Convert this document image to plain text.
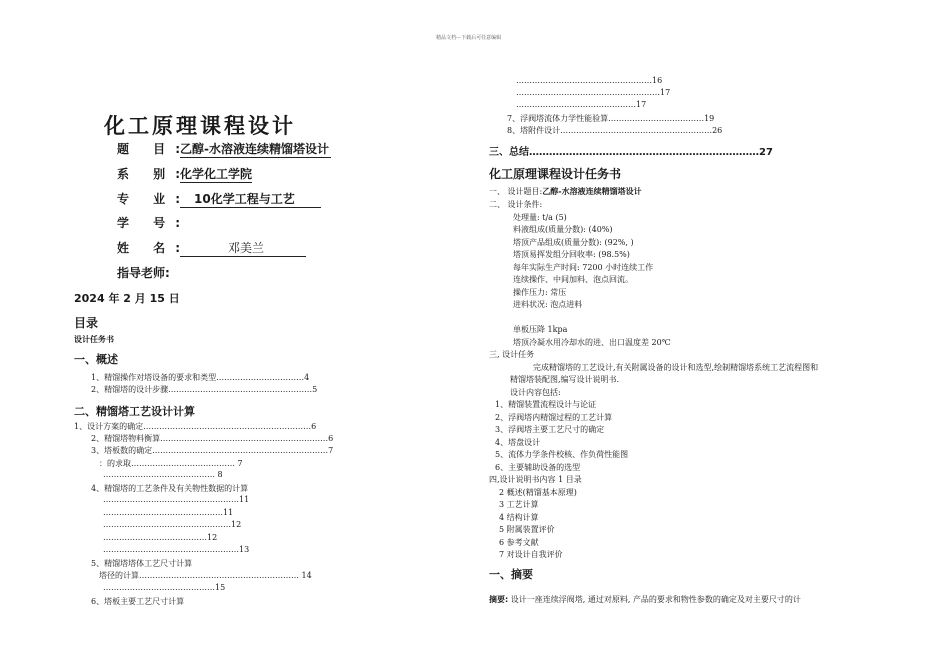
精品文档---下载后可任意编辑
化工原理课程设计
题 目:乙醇-水溶液连续精馏塔设计
系 别:化学化工学院
专 业: 10化学工程与工艺
学 号:
姓 名:	邓美兰
指导老师:
2024 年 2 月 15 日
目录
设计任务书
一、概述
1、精馏操作对塔设备的要求和类型……………………………4
2、精馏塔的设计步骤………………………………………………5
二、精馏塔工艺设计计算
1、设计方案的确定………………………………………………………6
2、精馏塔物料衡算………………………………………………………6
3、塔板数的确定…………………………………………………………7
：的求取………………………………… 7
…………………………………… 8
4、精馏塔的工艺条件及有关物性数据的计算
……………………………………………11
………………………………………11
…………………………………………12
…………………………………12
……………………………………………13
5、精馏塔塔体工艺尺寸计算
塔径的计算…………………………………………………… 14
……………………………………15
6、塔板主要工艺尺寸计算
……………………………………………16
………………………………………………17
………………………………………17
7、浮阀塔流体力学性能验算………………………………19
8、塔附件设计…………………………………………………26
三、总结……………………………………………………………27
化工原理课程设计任务书
一、 设计题目:乙醇-水溶液连续精馏塔设计
二、 设计条件:
处理量: t/a (5)
料液组成(质量分数): (40%)
塔顶产品组成(质量分数): (92%, )
塔顶易挥发组分回收率: (98.5%)
每年实际生产时间: 7200 小时连续工作
连续操作、中间加料、泡点回流。
操作压力: 常压
进料状况: 泡点进料
单板压降 1kpa
塔顶冷凝水用冷却水的进、出口温度差 20℃
三, 设计任务
完成精馏塔的工艺设计,有关附属设备的设计和选型,绘制精馏塔系统工艺流程图和
精馏塔装配图,编写设计说明书.
设计内容包括:
1、精馏装置流程设计与论证
2、浮阀塔内精馏过程的工艺计算
3、浮阀塔主要工艺尺寸的确定
4、塔盘设计
5、流体力学条件校核、作负荷性能图
6、主要辅助设备的选型
四,设计说明书内容 1 目录
2 概述(精馏基本原理)
3 工艺计算
4 结构计算
5 附属装置评价
6 参考文献
7 对设计自我评价
一、摘要
摘要: 设计一座连续浮阀塔, 通过对原料, 产品的要求和物性参数的确定及对主要尺寸的计
